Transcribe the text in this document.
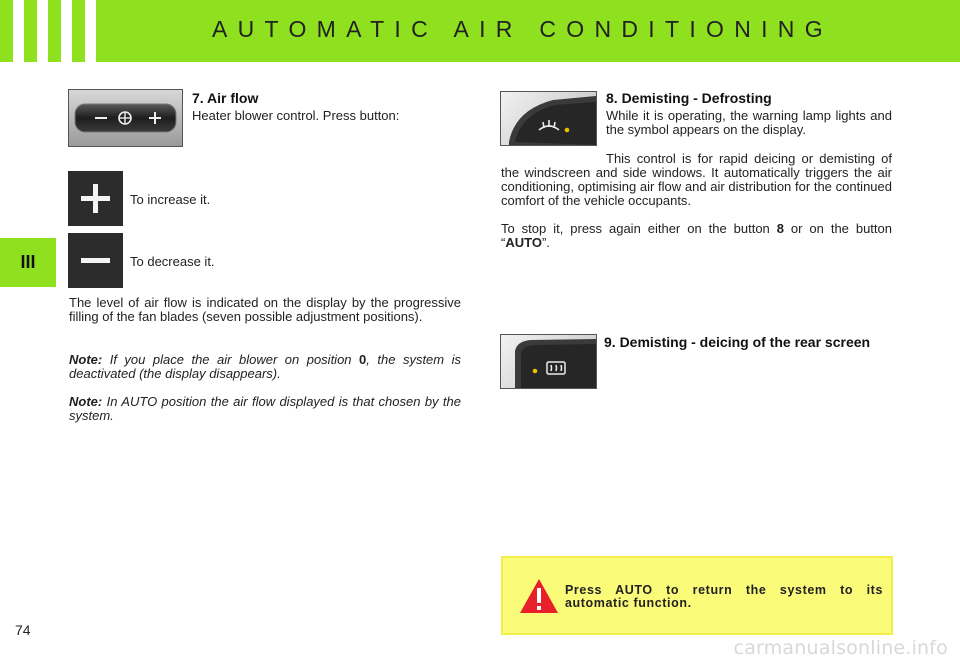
AUTOMATIC AIR CONDITIONING
III
7. Air flow
Heater blower control. Press button:
To increase it.
To decrease it.
The level of air flow is indicated on the display by the progressive filling of the fan blades (seven possible adjustment positions).
Note: If you place the air blower on position 0, the system is deactivated (the display disappears).
Note: In AUTO position the air flow displayed is that chosen by the system.
8. Demisting - Defrosting
While it is operating, the warning lamp lights and the symbol appears on the display.
This control is for rapid deicing or demisting of the windscreen and side windows. It automatically triggers the air conditioning, optimising air flow and air distribution for the continued comfort of the vehicle occupants.
To stop it, press again either on the button 8 or on the button “AUTO”.
9. Demisting - deicing of the rear screen
Press AUTO to return the system to its automatic function.
74
carmanualsonline.info
